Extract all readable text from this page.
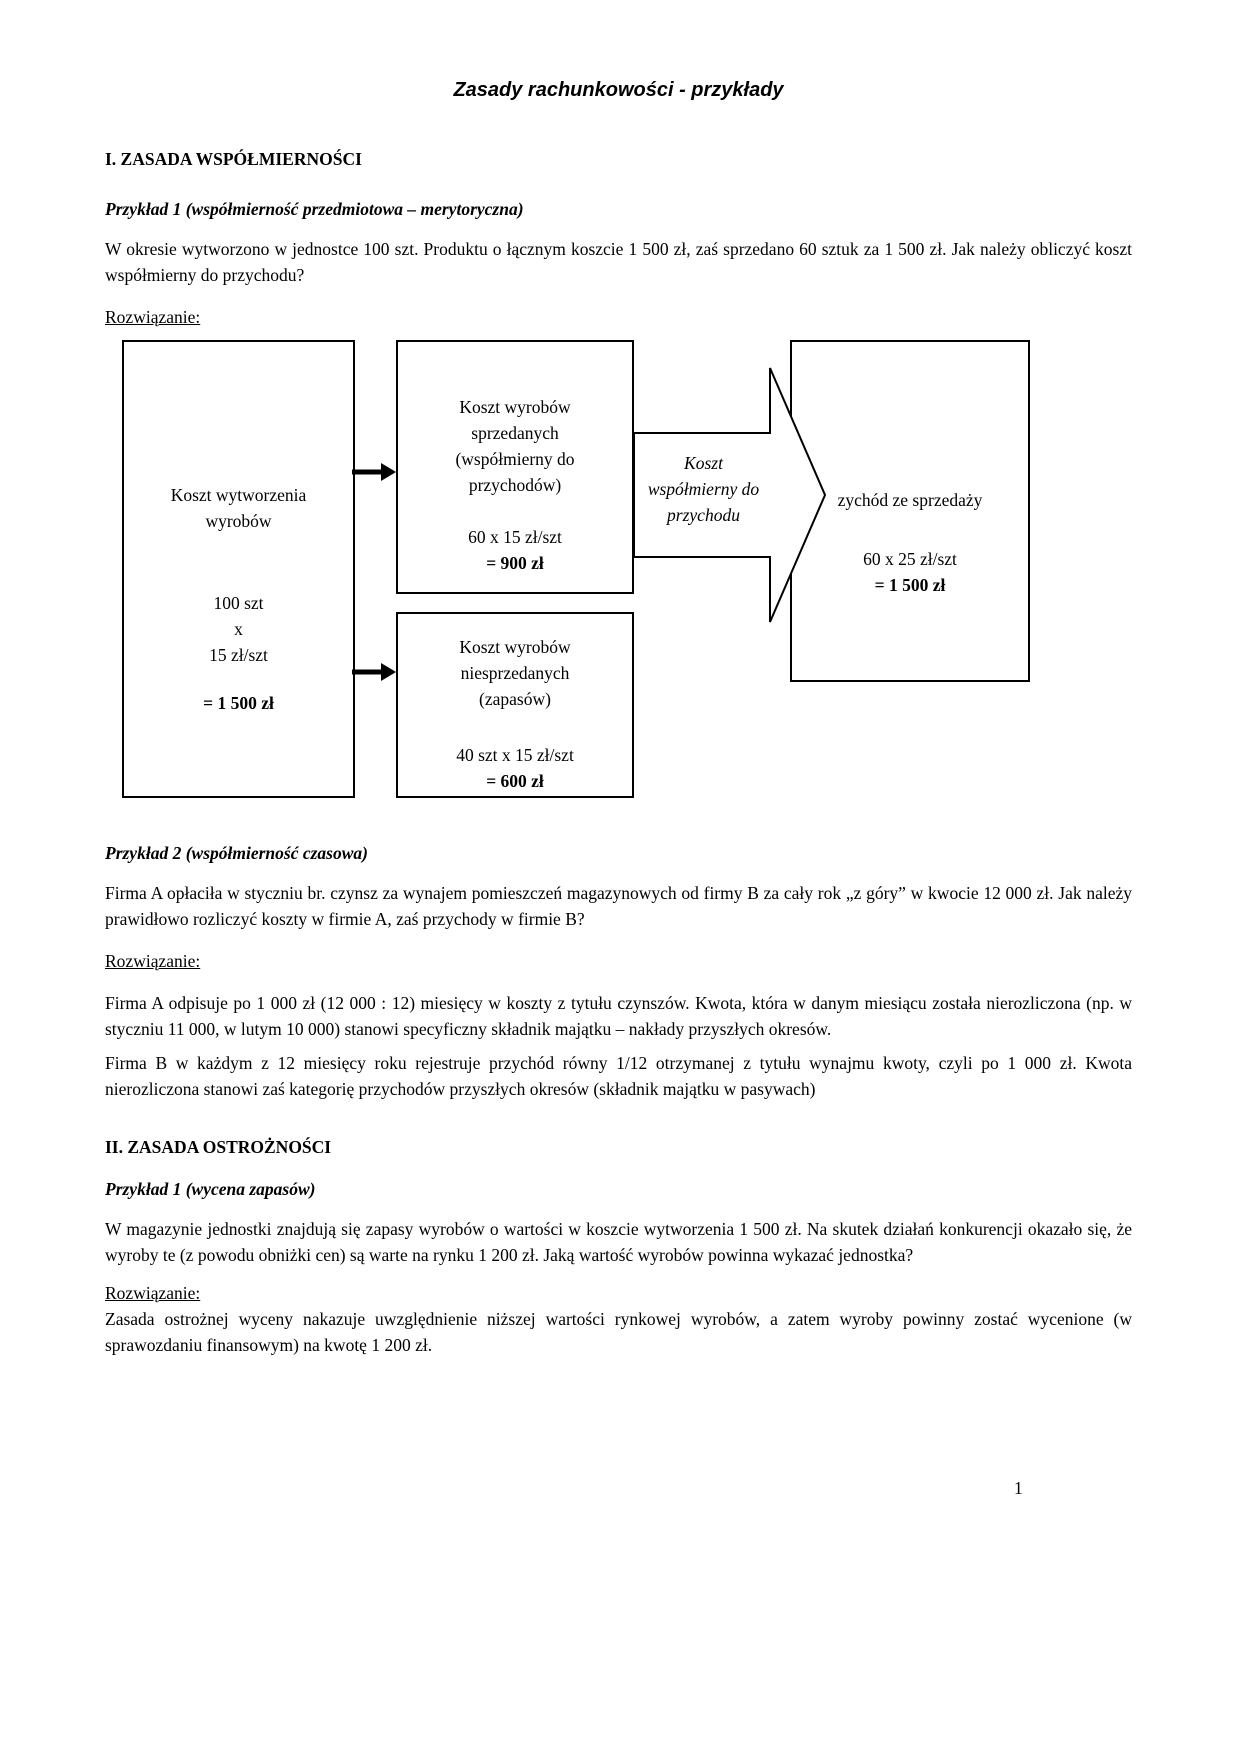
Zasady rachunkowości - przykłady
I. ZASADA WSPÓŁMIERNOŚCI
Przykład 1 (współmierność przedmiotowa – merytoryczna)

W okresie wytworzono w jednostce 100 szt. Produktu o łącznym koszcie 1 500 zł, zaś sprzedano 60 sztuk za 1 500 zł. Jak należy obliczyć koszt współmierny do przychodu?

Rozwiązanie:
Koszt wytworzenia
wyrobów
100 szt
x
15 zł/szt
= 1 500 zł
Koszt wyrobów
sprzedanych
(współmierny do
przychodów)
60 x 15 zł/szt
= 900 zł
Koszt wyrobów
niesprzedanych
(zapasów)
40 szt x 15 zł/szt
= 600 zł
zychód ze sprzedaży
60 x 25 zł/szt
= 1 500 zł
Koszt
współmierny do
przychodu
Przykład 2 (współmierność czasowa)

Firma A opłaciła w styczniu br. czynsz za wynajem pomieszczeń magazynowych od firmy B za cały rok „z góry” w kwocie 12 000 zł. Jak należy prawidłowo rozliczyć koszty w firmie A, zaś przychody w firmie B?

Rozwiązanie:

Firma A odpisuje po 1 000 zł (12 000 : 12) miesięcy w koszty z tytułu czynszów. Kwota, która w danym miesiącu została nierozliczona (np. w styczniu 11 000, w lutym 10 000) stanowi specyficzny składnik majątku – nakłady przyszłych okresów.

Firma B w każdym z 12 miesięcy roku rejestruje przychód równy 1/12 otrzymanej z tytułu wynajmu kwoty, czyli po 1 000 zł. Kwota nierozliczona stanowi zaś kategorię przychodów przyszłych okresów (składnik majątku w pasywach)

II. ZASADA OSTROŻNOŚCI
Przykład 1 (wycena zapasów)

W magazynie jednostki znajdują się zapasy wyrobów o wartości w koszcie wytworzenia 1 500 zł. Na skutek działań konkurencji okazało się, że wyroby te (z powodu obniżki cen) są warte na rynku 1 200 zł. Jaką wartość wyrobów powinna wykazać jednostka?

Rozwiązanie:

Zasada ostrożnej wyceny nakazuje uwzględnienie niższej wartości rynkowej wyrobów, a zatem wyroby powinny zostać wycenione (w sprawozdaniu finansowym) na kwotę 1 200 zł.

1
